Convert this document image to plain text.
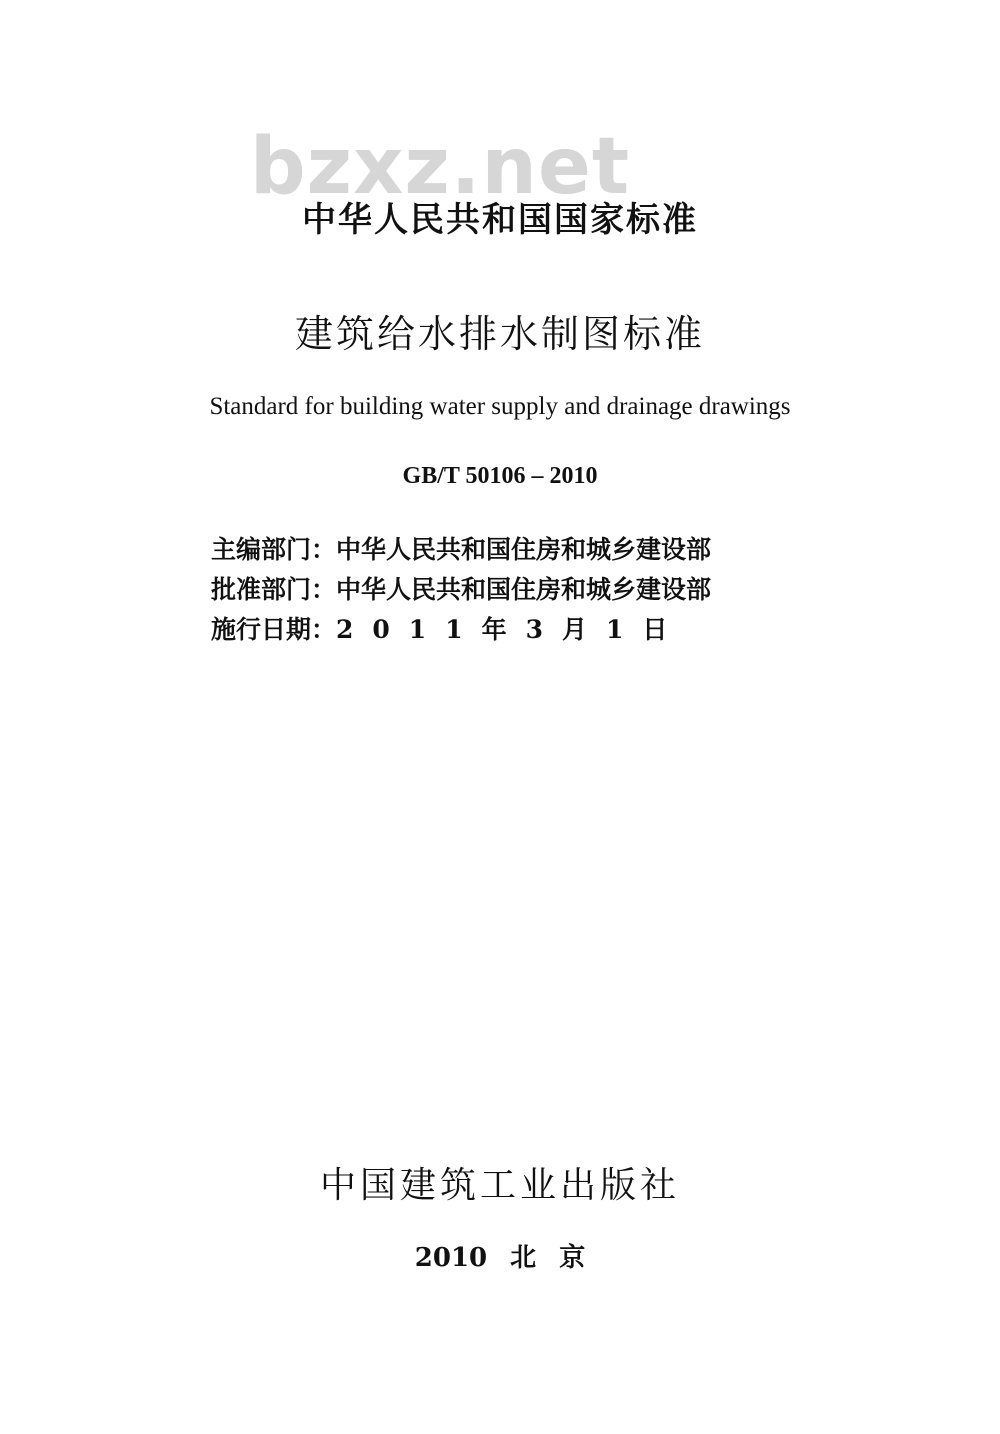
bzxz.net
中华人民共和国国家标准
建筑给水排水制图标准
Standard for building water supply and drainage drawings
GB/T 50106 – 2010
主编部门：中华人民共和国住房和城乡建设部
批准部门：中华人民共和国住房和城乡建设部
施行日期：2011年3月1日
中国建筑工业出版社
2010 北 京
